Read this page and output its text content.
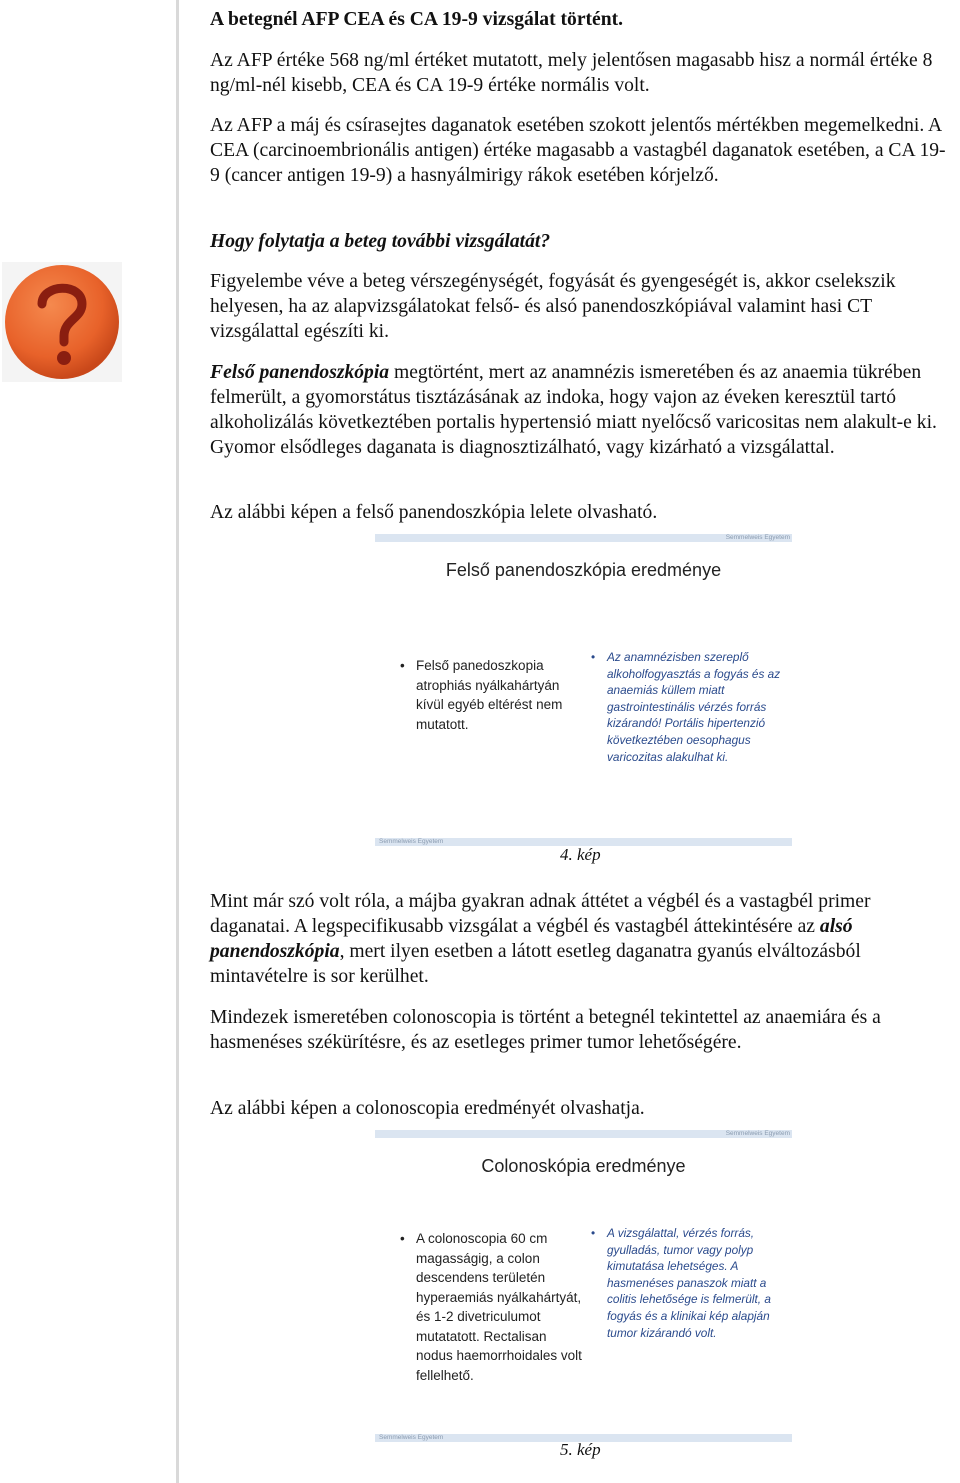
A betegnél AFP CEA és CA 19-9 vizsgálat történt.

Az AFP értéke 568 ng/ml értéket mutatott, mely jelentősen magasabb hisz a normál értéke 8 ng/ml-nél kisebb, CEA és CA 19-9 értéke normális volt.

Az AFP a máj és csírasejtes daganatok esetében szokott jelentős mértékben megemelkedni. A CEA (carcinoembrionális antigen) értéke magasabb a vastagbél daganatok esetében, a CA 19-9 (cancer antigen 19-9) a hasnyálmirigy rákok esetében kórjelző.

Hogy folytatja a beteg további vizsgálatát?

Figyelembe véve a beteg vérszegénységét, fogyását és gyengeségét is, akkor cselekszik helyesen, ha az alapvizsgálatokat felső- és alsó panendoszkópiával valamint hasi CT vizsgálattal egészíti ki.

Felső panendoszkópia megtörtént, mert az anamnézis ismeretében és az anaemia tükrében felmerült, a gyomorstátus tisztázásának az indoka, hogy vajon az éveken keresztül tartó alkoholizálás következtében portalis hypertensió miatt nyelőcső varicositas nem alakult-e ki. Gyomor elsődleges daganata is diagnosztizálható, vagy kizárható a vizsgálattal.

Az alábbi képen a felső panendoszkópia lelete olvasható.

Semmelweis Egyetem
Felső panendoszkópia eredménye
• Felső panedoszkopia atrophiás nyálkahártyán kívül egyéb eltérést nem mutatott.
• Az anamnézisben szereplő alkoholfogyasztás a fogyás és az anaemiás küllem miatt gastrointestinális vérzés forrás kizárandó! Portális hipertenzió következtében oesophagus varicozitas alakulhat ki.
Semmelweis Egyetem
4. kép

Mint már szó volt róla, a májba gyakran adnak áttétet a végbél és a vastagbél primer daganatai. A legspecifikusabb vizsgálat a végbél és vastagbél áttekintésére az alsó panendoszkópia, mert ilyen esetben a látott esetleg daganatra gyanús elváltozásból mintavételre is sor kerülhet.

Mindezek ismeretében colonoscopia is történt a betegnél tekintettel az anaemiára és a hasmenéses székürítésre, és az esetleges primer tumor lehetőségére.

Az alábbi képen a colonoscopia eredményét olvashatja.

Semmelweis Egyetem
Colonoskópia eredménye
• A colonoscopia 60 cm magasságig, a colon descendens területén hyperaemiás nyálkahártyát, és 1-2 divetriculumot mutatatott. Rectalisan nodus haemorrhoidales volt fellelhető.
• A vizsgálattal, vérzés forrás, gyulladás, tumor vagy polyp kimutatása lehetséges. A hasmenéses panaszok miatt a colitis lehetősége is felmerült, a fogyás és a klinikai kép alapján tumor kizárandó volt.
Semmelweis Egyetem
5. kép
